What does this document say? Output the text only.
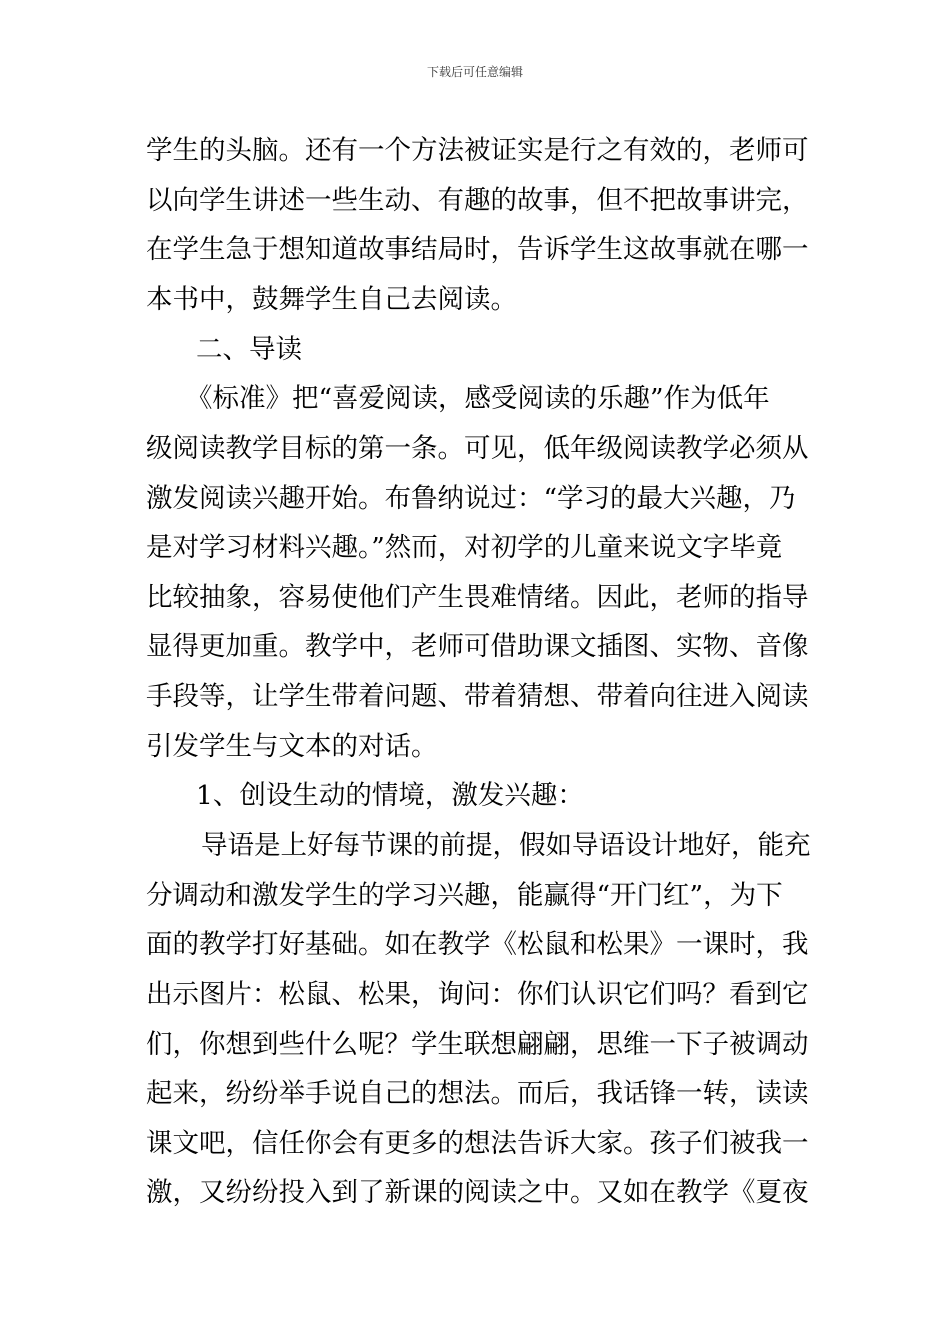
下载后可任意编辑
学生的头脑。还有一个方法被证实是行之有效的，老师可
以向学生讲述一些生动、有趣的故事，但不把故事讲完，
在学生急于想知道故事结局时，告诉学生这故事就在哪一
本书中，鼓舞学生自己去阅读。
二、导读
《标准》把“喜爱阅读，感受阅读的乐趣”作为低年
级阅读教学目标的第一条。可见，低年级阅读教学必须从
激发阅读兴趣开始。布鲁纳说过：“学习的最大兴趣，乃
是对学习材料兴趣。”然而，对初学的儿童来说文字毕竟
比较抽象，容易使他们产生畏难情绪。因此，老师的指导
显得更加重。教学中，老师可借助课文插图、实物、音像
手段等，让学生带着问题、带着猜想、带着向往进入阅读
引发学生与文本的对话。
1、创设生动的情境，激发兴趣：
导语是上好每节课的前提，假如导语设计地好，能充
分调动和激发学生的学习兴趣，能赢得“开门红”，为下
面的教学打好基础。如在教学《松鼠和松果》一课时，我
出示图片：松鼠、松果，询问：你们认识它们吗？看到它
们，你想到些什么呢？学生联想翩翩，思维一下子被调动
起来，纷纷举手说自己的想法。而后，我话锋一转，读读
课文吧，信任你会有更多的想法告诉大家。孩子们被我一
激，又纷纷投入到了新课的阅读之中。又如在教学《夏夜
